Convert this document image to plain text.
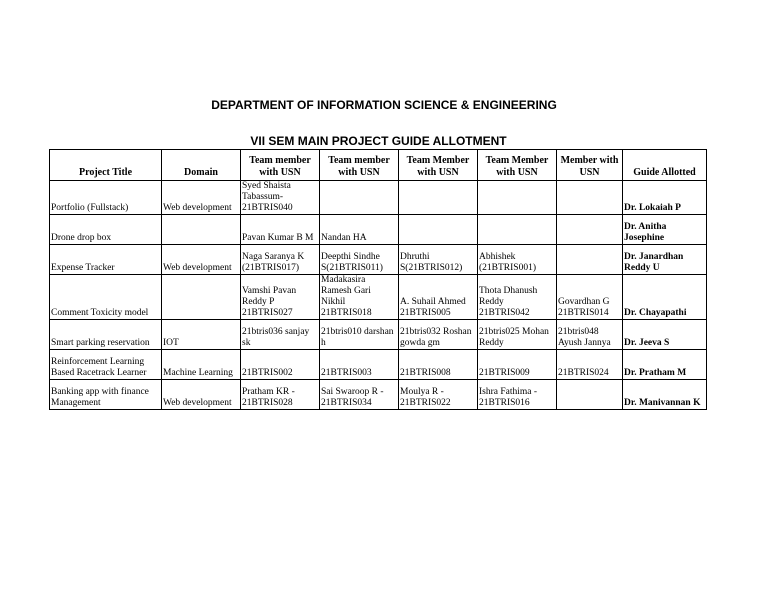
DEPARTMENT OF INFORMATION SCIENCE & ENGINEERING
VII SEM MAIN PROJECT GUIDE ALLOTMENT
Project Title	Domain	Team member with USN	Team member with USN	Team Member with USN	Team Member with USN	Member with USN	Guide Allotted
Portfolio (Fullstack)	Web development	Syed Shaista Tabassum-21BTRIS040					Dr. Lokaiah P
Drone drop box		Pavan Kumar B M	Nandan HA				Dr. Anitha Josephine
Expense Tracker	Web development	Naga Saranya K (21BTRIS017)	Deepthi Sindhe S(21BTRIS011)	Dhruthi S(21BTRIS012)	Abhishek (21BTRIS001)		Dr. Janardhan Reddy U
Comment Toxicity model		Vamshi Pavan Reddy P 21BTRIS027	Madakasira Ramesh Gari Nikhil 21BTRIS018	A. Suhail Ahmed 21BTRIS005	Thota Dhanush Reddy 21BTRIS042	Govardhan G 21BTRIS014	Dr. Chayapathi
Smart parking reservation	IOT	21btris036 sanjay sk	21btris010 darshan h	21btris032 Roshan gowda gm	21btris025 Mohan Reddy	21btris048 Ayush Jannya	Dr. Jeeva S
Reinforcement Learning Based Racetrack Learner	Machine Learning	21BTRIS002	21BTRIS003	21BTRIS008	21BTRIS009	21BTRIS024	Dr. Pratham M
Banking app with finance Management	Web development	Pratham KR - 21BTRIS028	Sai Swaroop R - 21BTRIS034	Moulya R - 21BTRIS022	Ishra Fathima - 21BTRIS016		Dr. Manivannan K
